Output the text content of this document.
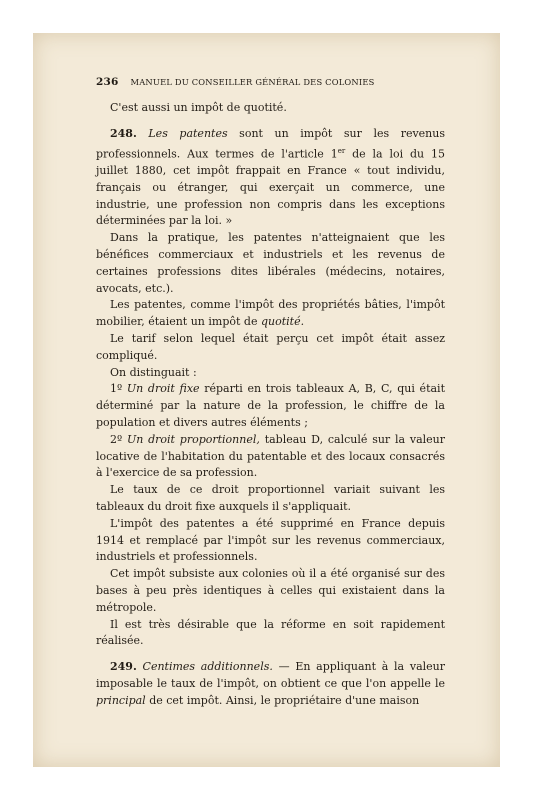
236 MANUEL DU CONSEILLER GÉNÉRAL DES COLONIES

C'est aussi un impôt de quotité.

248. Les patentes sont un impôt sur les revenus professionnels. Aux termes de l'article 1er de la loi du 15 juillet 1880, cet impôt frappait en France « tout individu, français ou étranger, qui exerçait un commerce, une industrie, une profession non compris dans les exceptions déterminées par la loi. »

Dans la pratique, les patentes n'atteignaient que les bénéfices commerciaux et industriels et les revenus de certaines professions dites libérales (médecins, notaires, avocats, etc.).

Les patentes, comme l'impôt des propriétés bâties, l'impôt mobilier, étaient un impôt de quotité.

Le tarif selon lequel était perçu cet impôt était assez compliqué.

On distinguait :

1º Un droit fixe réparti en trois tableaux A, B, C, qui était déterminé par la nature de la profession, le chiffre de la population et divers autres éléments ;

2º Un droit proportionnel, tableau D, calculé sur la valeur locative de l'habitation du patentable et des locaux consacrés à l'exercice de sa profession.

Le taux de ce droit proportionnel variait suivant les tableaux du droit fixe auxquels il s'appliquait.

L'impôt des patentes a été supprimé en France depuis 1914 et remplacé par l'impôt sur les revenus commerciaux, industriels et professionnels.

Cet impôt subsiste aux colonies où il a été organisé sur des bases à peu près identiques à celles qui existaient dans la métropole.

Il est très désirable que la réforme en soit rapidement réalisée.

249. Centimes additionnels. — En appliquant à la valeur imposable le taux de l'impôt, on obtient ce que l'on appelle le principal de cet impôt. Ainsi, le propriétaire d'une maison
